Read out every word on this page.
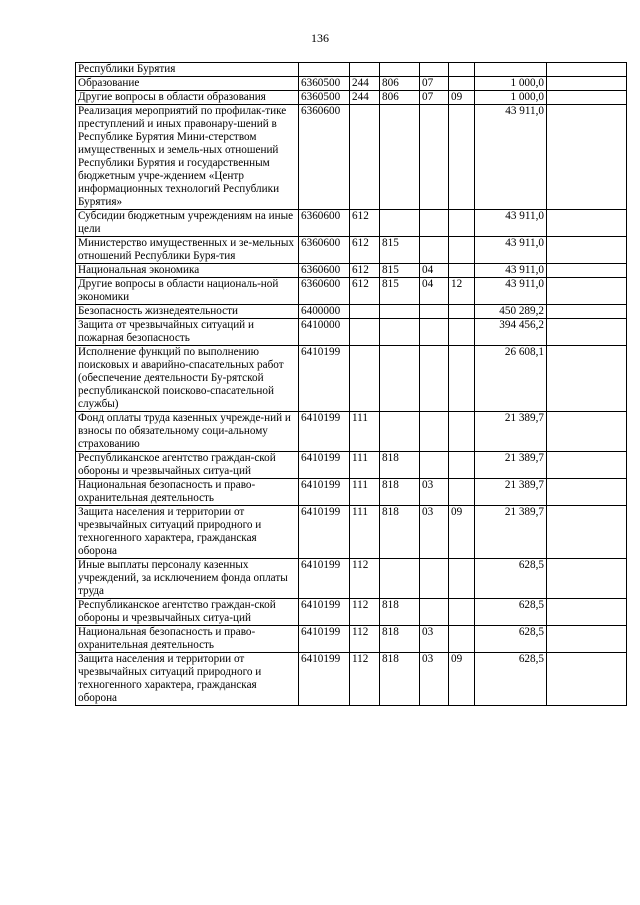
136
Республики Бурятия							
Образование	6360500	244	806	07		1 000,0	
Другие вопросы в области образования	6360500	244	806	07	09	1 000,0	
Реализация мероприятий по профилак-тике преступлений и иных правонару-шений в Республике Бурятия Мини-стерством имущественных и земель-ных отношений Республики Бурятия и государственным бюджетным учре-ждением «Центр информационных технологий Республики Бурятия»	6360600					43 911,0	
Субсидии бюджетным учреждениям на иные цели	6360600	612				43 911,0	
Министерство имущественных и зе-мельных отношений Республики Буря-тия	6360600	612	815			43 911,0	
Национальная экономика	6360600	612	815	04		43 911,0	
Другие вопросы в области националь-ной экономики	6360600	612	815	04	12	43 911,0	
Безопасность жизнедеятельности	6400000					450 289,2	
Защита от чрезвычайных ситуаций и пожарная безопасность	6410000					394 456,2	
Исполнение функций по выполнению поисковых и аварийно-спасательных работ (обеспечение деятельности Бу-рятской республиканской поисково-спасательной службы)	6410199					26 608,1	
Фонд оплаты труда казенных учрежде-ний и взносы по обязательному соци-альному страхованию	6410199	111				21 389,7	
Республиканское агентство граждан-ской обороны и чрезвычайных ситуа-ций	6410199	111	818			21 389,7	
Национальная безопасность и право-охранительная деятельность	6410199	111	818	03		21 389,7	
Защита населения и территории от чрезвычайных ситуаций природного и техногенного характера, гражданская оборона	6410199	111	818	03	09	21 389,7	
Иные выплаты персоналу казенных учреждений, за исключением фонда оплаты труда	6410199	112				628,5	
Республиканское агентство граждан-ской обороны и чрезвычайных ситуа-ций	6410199	112	818			628,5	
Национальная безопасность и право-охранительная деятельность	6410199	112	818	03		628,5	
Защита населения и территории от чрезвычайных ситуаций природного и техногенного характера, гражданская оборона	6410199	112	818	03	09	628,5	
